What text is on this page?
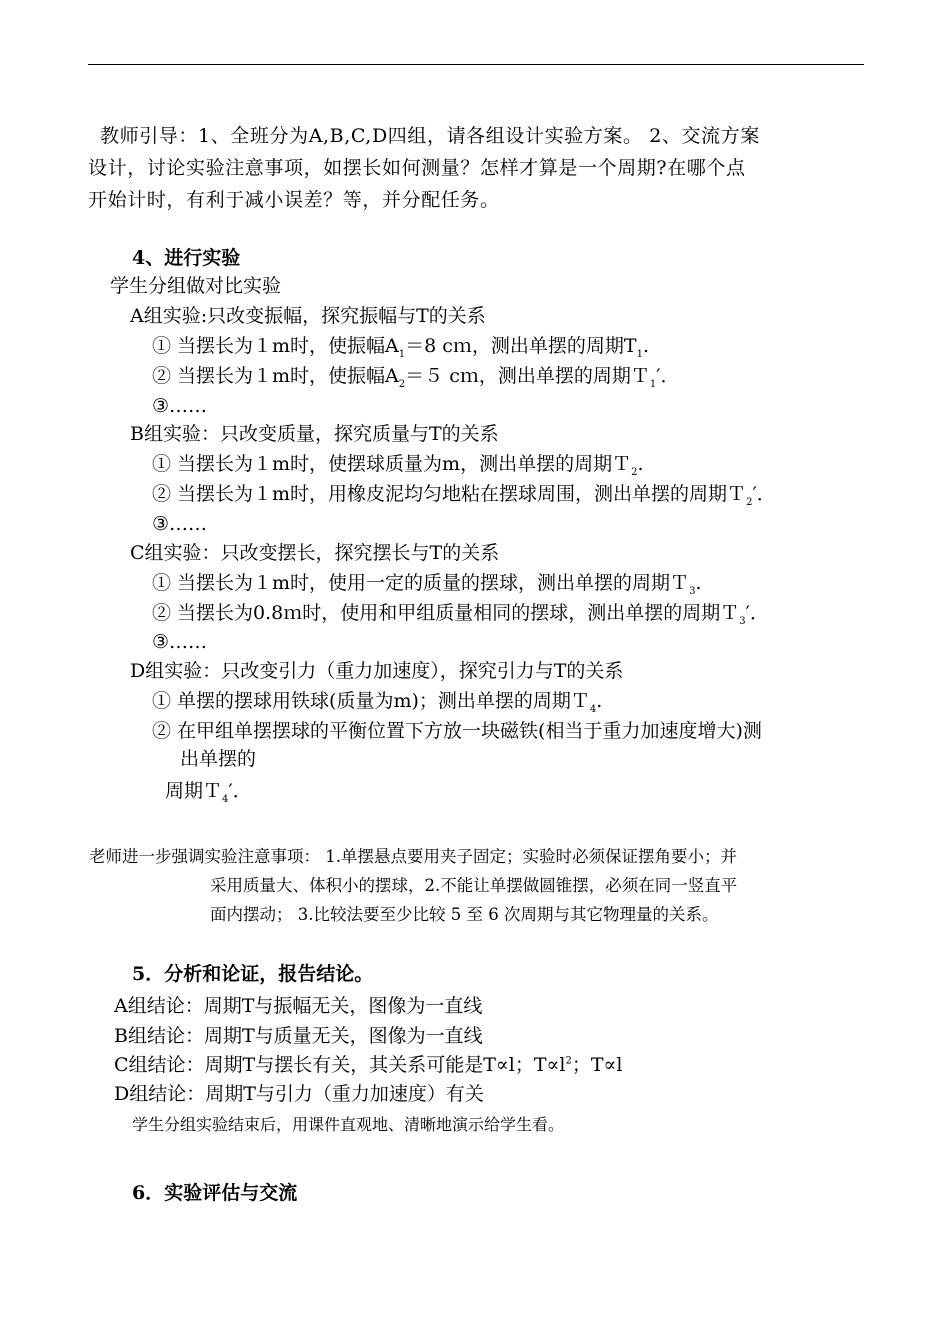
教师引导：1、全班分为A,B,C,D四组，请各组设计实验方案。 2、交流方案
设计，讨论实验注意事项，如摆长如何测量？怎样才算是一个周期?在哪个点
开始计时，有利于减小误差？等，并分配任务。
4、进行实验
学生分组做对比实验
A组实验:只改变振幅，探究振幅与T的关系
① 当摆长为１m时，使振幅$A_1=8$ cｍ，测出单摆的周期$T_1$.
② 当摆长为１m时，使振幅$A_2=5$ cｍ，测出单摆的周期Ｔ$_1$′．
③……
B组实验：只改变质量，探究质量与T的关系
① 当摆长为１m时，使摆球质量为m，测出单摆的周期Ｔ$_2$.
② 当摆长为１m时，用橡皮泥均匀地粘在摆球周围，测出单摆的周期Ｔ$_2$′．
③……
C组实验：只改变摆长，探究摆长与T的关系
① 当摆长为１m时，使用一定的质量的摆球，测出单摆的周期Ｔ$_3$.
② 当摆长为0.8ｍ时，使用和甲组质量相同的摆球，测出单摆的周期Ｔ$_3$′．
③……
D组实验：只改变引力（重力加速度），探究引力与T的关系
① 单摆的摆球用铁球(质量为m)；测出单摆的周期Ｔ$_4$.
② 在甲组单摆摆球的平衡位置下方放一块磁铁(相当于重力加速度增大)测
出单摆的
周期Ｔ$_4$′．
老师进一步强调实验注意事项： 1.单摆悬点要用夹子固定；实验时必须保证摆角要小；并
采用质量大、体积小的摆球，2.不能让单摆做圆锥摆，必须在同一竖直平
面内摆动； 3.比较法要至少比较 5 至 6 次周期与其它物理量的关系。
5．分析和论证，报告结论。
A组结论：周期T与振幅无关，图像为一直线
B组结论：周期T与质量无关，图像为一直线
C组结论：周期T与摆长有关，其关系可能是T∝l；$T\propto l^2$；T∝l
D组结论：周期T与引力（重力加速度）有关
学生分组实验结束后，用课件直观地、清晰地演示给学生看。
6．实验评估与交流
